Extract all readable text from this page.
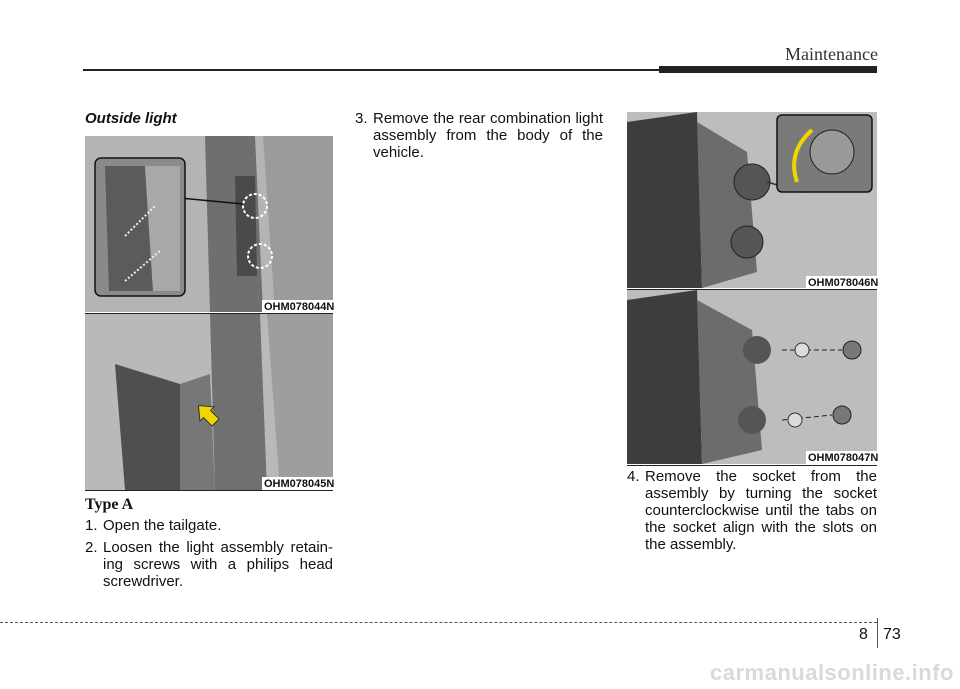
Maintenance
Outside light
OHM078044N
OHM078045N
Type A
1. Open the tailgate.
2. Loosen the light assembly retain-ing screws with a philips head screwdriver.
3. Remove the rear combination light assembly from the body of the vehicle.
OHM078046N
OHM078047N
4. Remove the socket from the assembly by turning the socket counterclockwise until the tabs on the socket align with the slots on the assembly.
8 73
carmanualsonline.info
